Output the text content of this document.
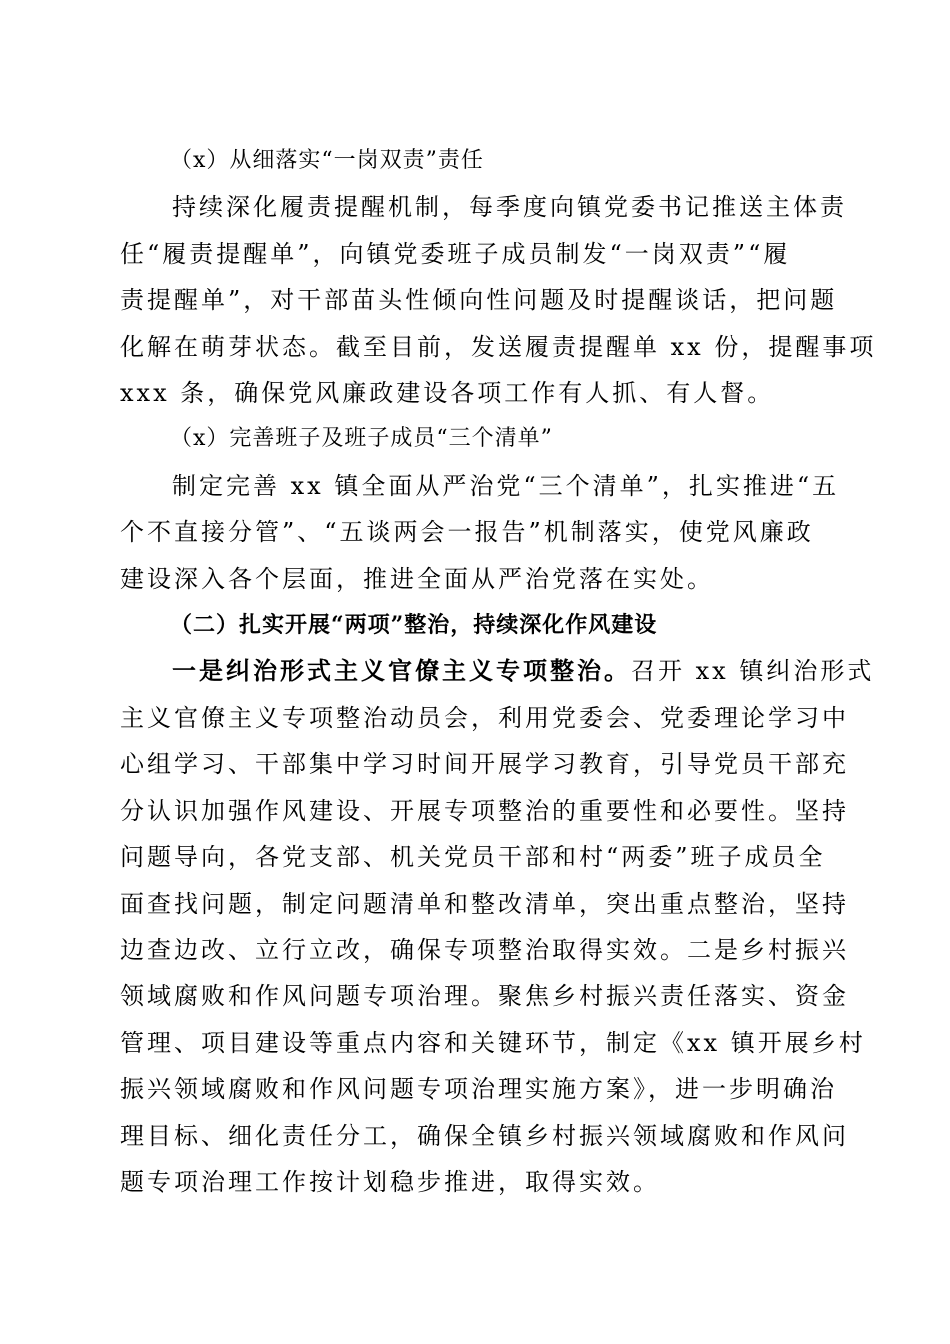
（x）从细落实“一岗双责”责任

持续深化履责提醒机制，每季度向镇党委书记推送主体责
任“履责提醒单”，向镇党委班子成员制发“一岗双责”“履
责提醒单”，对干部苗头性倾向性问题及时提醒谈话，把问题
化解在萌芽状态。截至目前，发送履责提醒单 xx 份，提醒事项
xxx 条，确保党风廉政建设各项工作有人抓、有人督。

（x）完善班子及班子成员“三个清单”

制定完善 xx 镇全面从严治党“三个清单”，扎实推进“五
个不直接分管”、“五谈两会一报告”机制落实，使党风廉政
建设深入各个层面，推进全面从严治党落在实处。

（二）扎实开展“两项”整治，持续深化作风建设

一是纠治形式主义官僚主义专项整治。召开 xx 镇纠治形式
主义官僚主义专项整治动员会，利用党委会、党委理论学习中
心组学习、干部集中学习时间开展学习教育，引导党员干部充
分认识加强作风建设、开展专项整治的重要性和必要性。坚持
问题导向，各党支部、机关党员干部和村“两委”班子成员全
面查找问题，制定问题清单和整改清单，突出重点整治，坚持
边查边改、立行立改，确保专项整治取得实效。二是乡村振兴
领域腐败和作风问题专项治理。聚焦乡村振兴责任落实、资金
管理、项目建设等重点内容和关键环节，制定《xx 镇开展乡村
振兴领域腐败和作风问题专项治理实施方案》，进一步明确治
理目标、细化责任分工，确保全镇乡村振兴领域腐败和作风问
题专项治理工作按计划稳步推进，取得实效。
